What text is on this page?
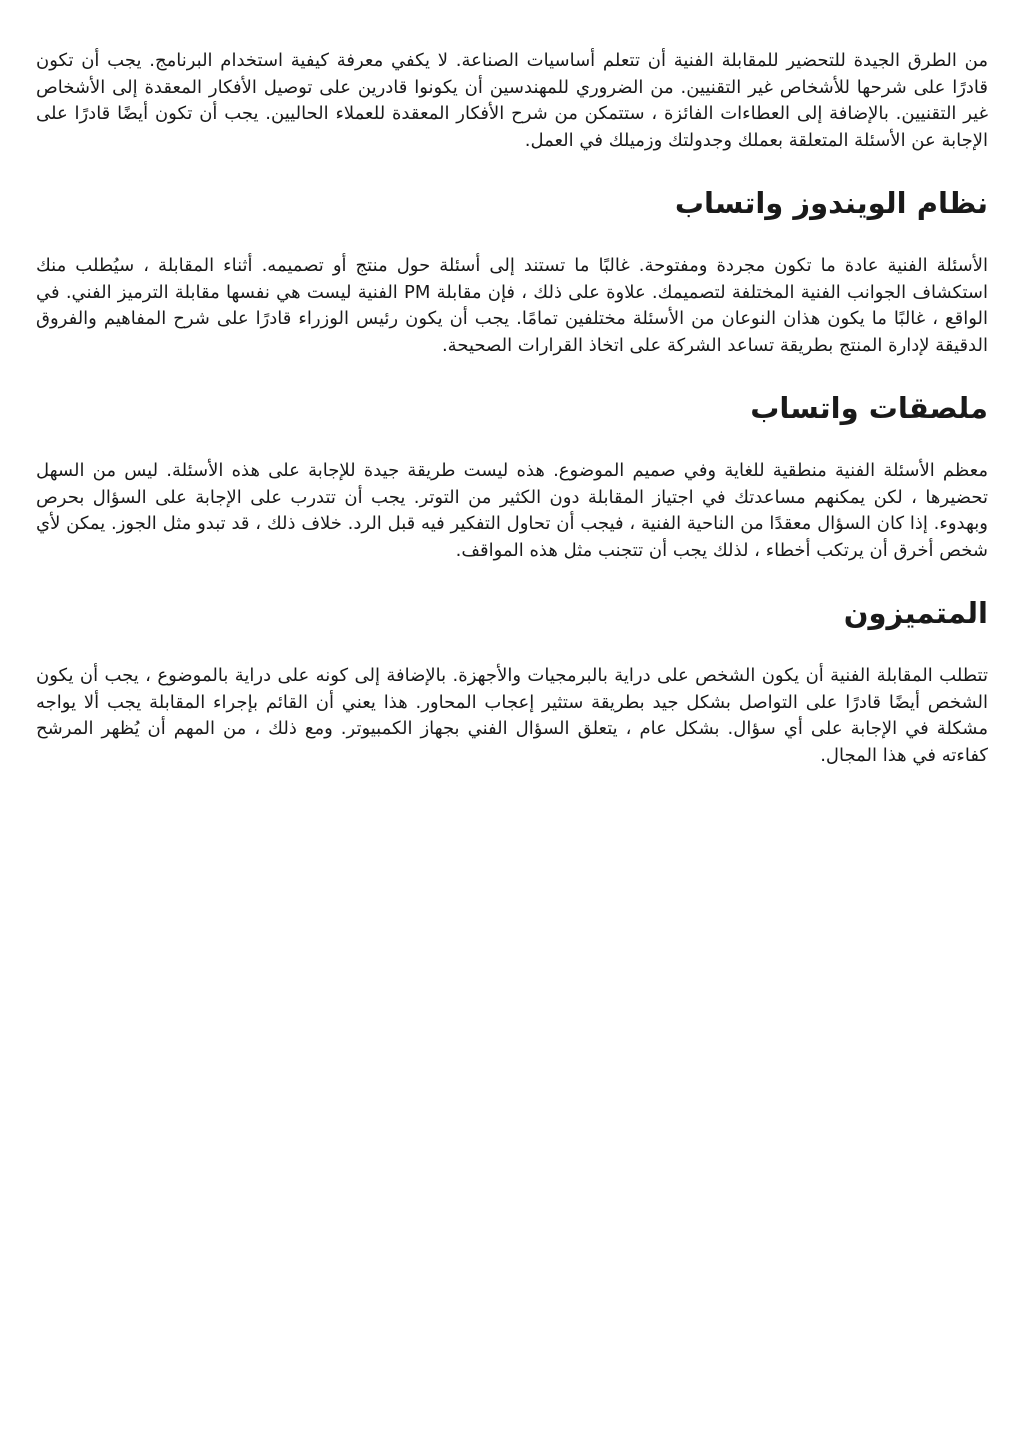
من الطرق الجيدة للتحضير للمقابلة الفنية أن تتعلم أساسيات الصناعة. لا يكفي معرفة كيفية استخدام البرنامج. يجب أن تكون قادرًا على شرحها للأشخاص غير التقنيين. من الضروري للمهندسين أن يكونوا قادرين على توصيل الأفكار المعقدة إلى الأشخاص غير التقنيين. بالإضافة إلى العطاءات الفائزة ، ستتمكن من شرح الأفكار المعقدة للعملاء الحاليين. يجب أن تكون أيضًا قادرًا على الإجابة عن الأسئلة المتعلقة بعملك وجدولتك وزميلك في العمل.

نظام الويندوز واتساب

الأسئلة الفنية عادة ما تكون مجردة ومفتوحة. غالبًا ما تستند إلى أسئلة حول منتج أو تصميمه. أثناء المقابلة ، سيُطلب منك استكشاف الجوانب الفنية المختلفة لتصميمك. علاوة على ذلك ، فإن مقابلة PM الفنية ليست هي نفسها مقابلة الترميز الفني. في الواقع ، غالبًا ما يكون هذان النوعان من الأسئلة مختلفين تمامًا. يجب أن يكون رئيس الوزراء قادرًا على شرح المفاهيم والفروق الدقيقة لإدارة المنتج بطريقة تساعد الشركة على اتخاذ القرارات الصحيحة.

ملصقات واتساب

معظم الأسئلة الفنية منطقية للغاية وفي صميم الموضوع. هذه ليست طريقة جيدة للإجابة على هذه الأسئلة. ليس من السهل تحضيرها ، لكن يمكنهم مساعدتك في اجتياز المقابلة دون الكثير من التوتر. يجب أن تتدرب على الإجابة على السؤال بحرص وبهدوء. إذا كان السؤال معقدًا من الناحية الفنية ، فيجب أن تحاول التفكير فيه قبل الرد. خلاف ذلك ، قد تبدو مثل الجوز. يمكن لأي شخص أخرق أن يرتكب أخطاء ، لذلك يجب أن تتجنب مثل هذه المواقف.

المتميزون

تتطلب المقابلة الفنية أن يكون الشخص على دراية بالبرمجيات والأجهزة. بالإضافة إلى كونه على دراية بالموضوع ، يجب أن يكون الشخص أيضًا قادرًا على التواصل بشكل جيد بطريقة ستثير إعجاب المحاور. هذا يعني أن القائم بإجراء المقابلة يجب ألا يواجه مشكلة في الإجابة على أي سؤال. بشكل عام ، يتعلق السؤال الفني بجهاز الكمبيوتر. ومع ذلك ، من المهم أن يُظهر المرشح كفاءته في هذا المجال.
